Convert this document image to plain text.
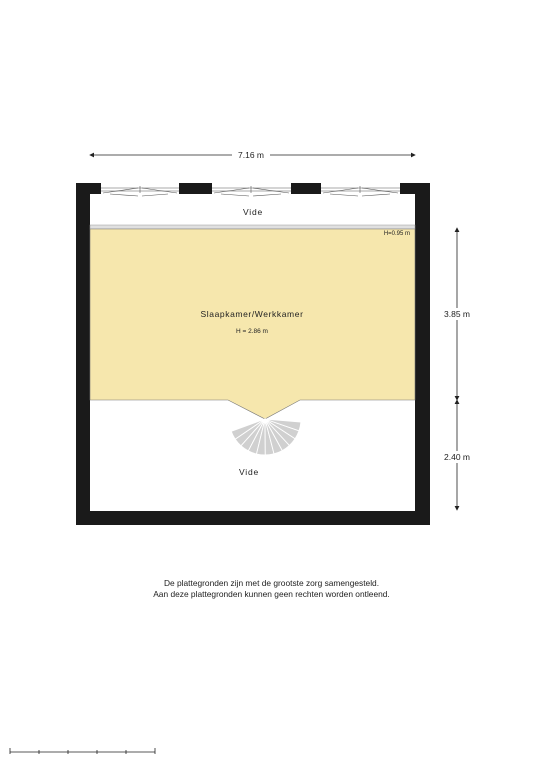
7.16 m
Vide
Slaapkamer/Werkkamer
H = 2.86 m
H=0.95 m
Vide
3.85 m
2.40 m
De plattegronden zijn met de grootste zorg samengesteld.
Aan deze plattegronden kunnen geen rechten worden ontleend.
